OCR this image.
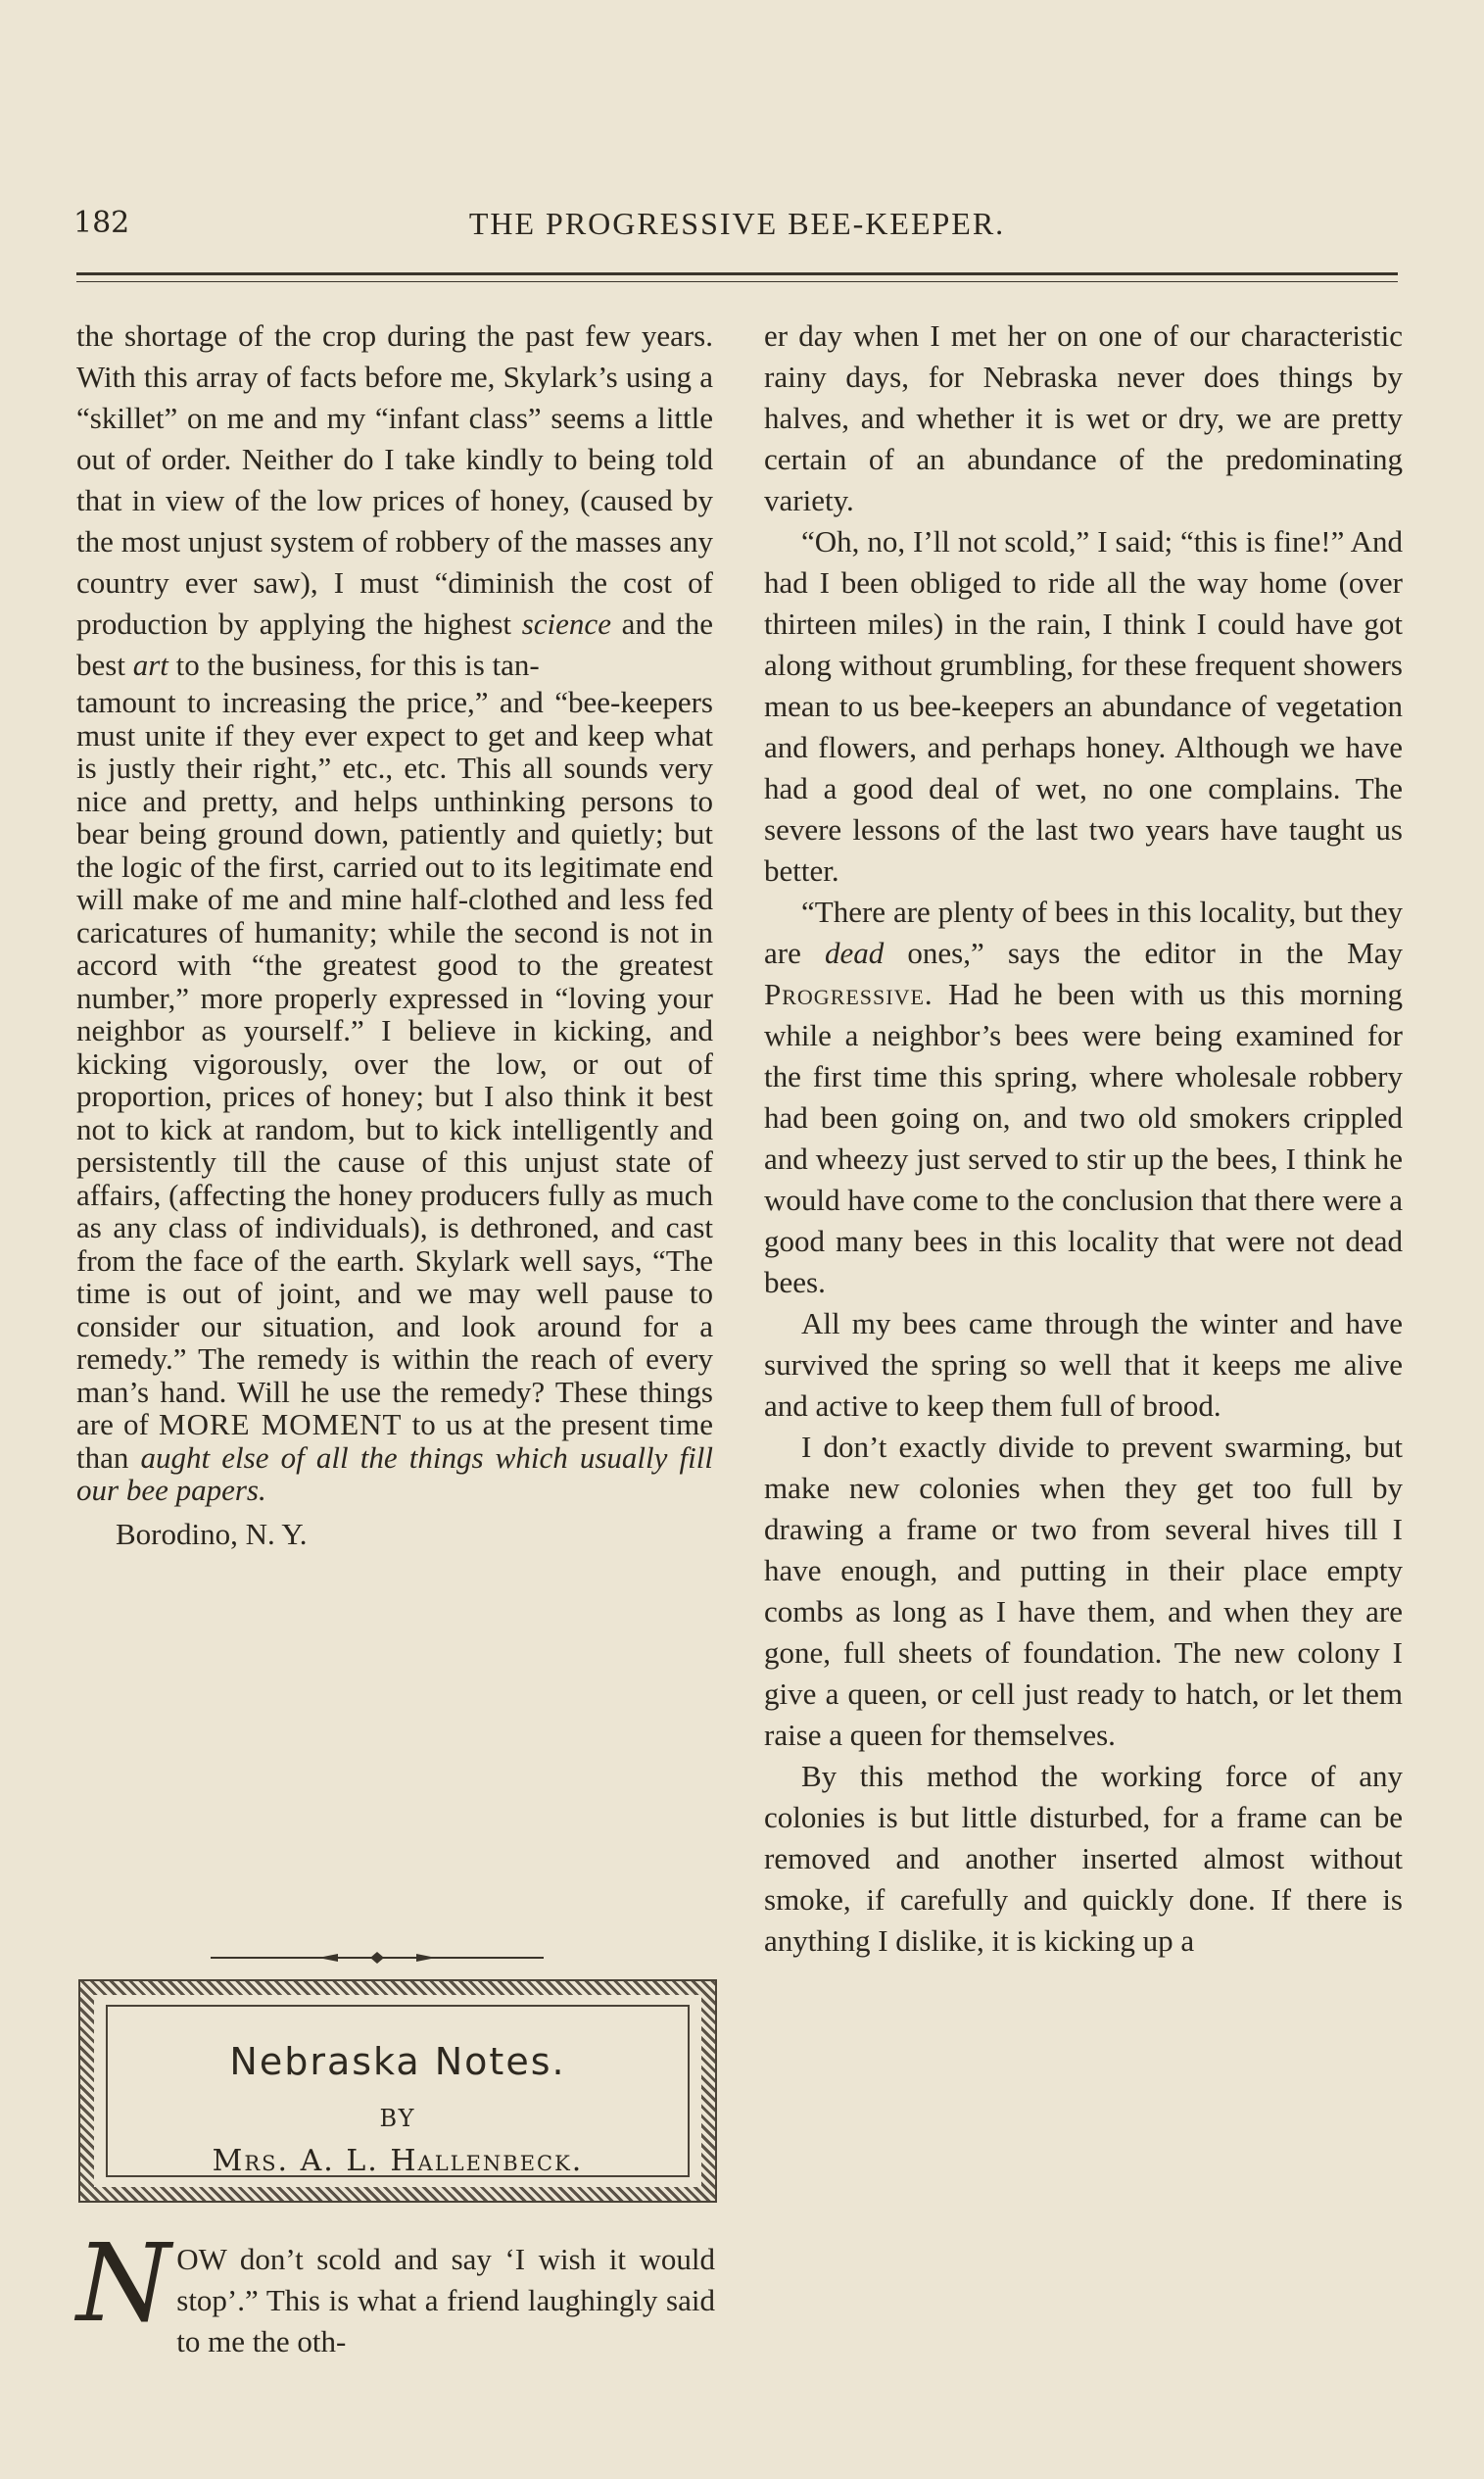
182	THE PROGRESSIVE BEE-KEEPER.

the shortage of the crop during the past few years. With this array of facts before me, Skylark’s using a “skillet” on me and my “infant class” seems a little out of order. Neither do I take kindly to being told that in view of the low prices of honey, (caused by the most unjust system of robbery of the masses any country ever saw), I must “diminish the cost of production by applying the highest science and the best art to the business, for this is tan-

tamount to increasing the price,” and “bee-keepers must unite if they ever expect to get and keep what is justly their right,” etc., etc. This all sounds very nice and pretty, and helps unthinking persons to bear being ground down, patiently and quietly; but the logic of the first, carried out to its legitimate end will make of me and mine half-clothed and less fed caricatures of humanity; while the second is not in accord with “the greatest good to the greatest number,” more properly expressed in “loving your neighbor as yourself.” I believe in kicking, and kicking vigorously, over the low, or out of proportion, prices of honey; but I also think it best not to kick at random, but to kick intelligently and persistently till the cause of this unjust state of affairs, (affecting the honey producers fully as much as any class of individuals), is dethroned, and cast from the face of the earth. Skylark well says, “The time is out of joint, and we may well pause to consider our situation, and look around for a remedy.” The remedy is within the reach of every man’s hand. Will he use the remedy? These things are of MORE MOMENT to us at the present time than aught else of all the things which usually fill our bee papers.

Borodino, N. Y.
Nebraska Notes.
BY
Mrs. A. L. Hallenbeck.

NOW don’t scold and say ‘I wish it would stop’.” This is what a friend laughingly said to me the oth-

er day when I met her on one of our characteristic rainy days, for Nebraska never does things by halves, and whether it is wet or dry, we are pretty certain of an abundance of the predominating variety.

“Oh, no, I’ll not scold,” I said; “this is fine!” And had I been obliged to ride all the way home (over thirteen miles) in the rain, I think I could have got along without grumbling, for these frequent showers mean to us bee-keepers an abundance of vegetation and flowers, and perhaps honey. Although we have had a good deal of wet, no one complains. The severe lessons of the last two years have taught us better.

“There are plenty of bees in this locality, but they are dead ones,” says the editor in the May Progressive. Had he been with us this morning while a neighbor’s bees were being examined for the first time this spring, where wholesale robbery had been going on, and two old smokers crippled and wheezy just served to stir up the bees, I think he would have come to the conclusion that there were a good many bees in this locality that were not dead bees.

All my bees came through the winter and have survived the spring so well that it keeps me alive and active to keep them full of brood.

I don’t exactly divide to prevent swarming, but make new colonies when they get too full by drawing a frame or two from several hives till I have enough, and putting in their place empty combs as long as I have them, and when they are gone, full sheets of foundation. The new colony I give a queen, or cell just ready to hatch, or let them raise a queen for themselves.

By this method the working force of any colonies is but little disturbed, for a frame can be removed and another inserted almost without smoke, if carefully and quickly done. If there is anything I dislike, it is kicking up a
